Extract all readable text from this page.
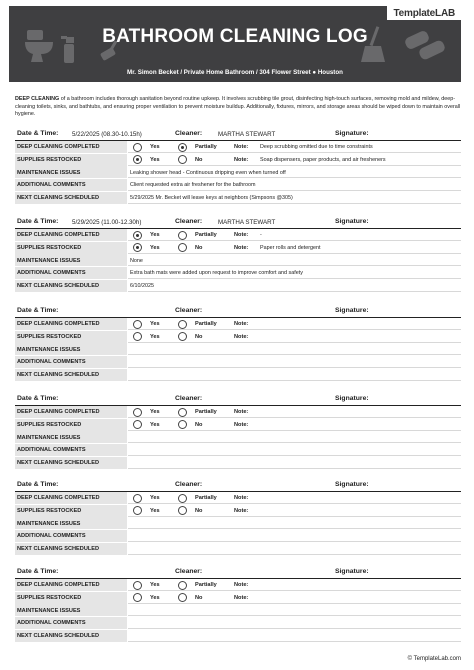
TemplateLAB
BATHROOM CLEANING LOG
Mr. Simon Becket / Private Home Bathroom / 304 Flower Street ● Houston
DEEP CLEANING of a bathroom includes thorough sanitation beyond routine upkeep. It involves scrubbing tile grout, disinfecting high-touch surfaces, removing mold and mildew, deep-cleaning toilets, sinks, and bathtubs, and ensuring proper ventilation to prevent moisture buildup. Additionally, fixtures, mirrors, and storage areas should be wiped down to maintain overall hygiene.
Date & Time: 5/22/2025 (08.30-10.15h)	Cleaner:	MARTHA STEWART	Signature:
DEEP CLEANING COMPLETED	Yes	Partially	Note: Deep scrubbing omitted due to time constraints
SUPPLIES RESTOCKED	Yes	No	Note: Soap dispensers, paper products, and air fresheners
MAINTENANCE ISSUES	Leaking shower head - Continuous dripping even when turned off
ADDITIONAL COMMENTS	Client requested extra air freshener for the bathroom
NEXT CLEANING SCHEDULED	5/29/2025 Mr. Becket will leave keys at neighbors (Simpsons @305)
Date & Time: 5/29/2025 (11.00-12.30h)	Cleaner:	MARTHA STEWART	Signature:
DEEP CLEANING COMPLETED	Yes	Partially	Note: -
SUPPLIES RESTOCKED	Yes	No	Note: Paper rolls and detergent
MAINTENANCE ISSUES	None
ADDITIONAL COMMENTS	Extra bath mats were added upon request to improve comfort and safety
NEXT CLEANING SCHEDULED	6/10/2025
Date & Time:	Cleaner:	Signature:
DEEP CLEANING COMPLETED	Yes	Partially	Note:
SUPPLIES RESTOCKED	Yes	No	Note:
MAINTENANCE ISSUES
ADDITIONAL COMMENTS
NEXT CLEANING SCHEDULED
Date & Time:	Cleaner:	Signature:
DEEP CLEANING COMPLETED	Yes	Partially	Note:
SUPPLIES RESTOCKED	Yes	No	Note:
MAINTENANCE ISSUES
ADDITIONAL COMMENTS
NEXT CLEANING SCHEDULED
Date & Time:	Cleaner:	Signature:
DEEP CLEANING COMPLETED	Yes	Partially	Note:
SUPPLIES RESTOCKED	Yes	No	Note:
MAINTENANCE ISSUES
ADDITIONAL COMMENTS
NEXT CLEANING SCHEDULED
Date & Time:	Cleaner:	Signature:
DEEP CLEANING COMPLETED	Yes	Partially	Note:
SUPPLIES RESTOCKED	Yes	No	Note:
MAINTENANCE ISSUES
ADDITIONAL COMMENTS
NEXT CLEANING SCHEDULED
© TemplateLab.com
